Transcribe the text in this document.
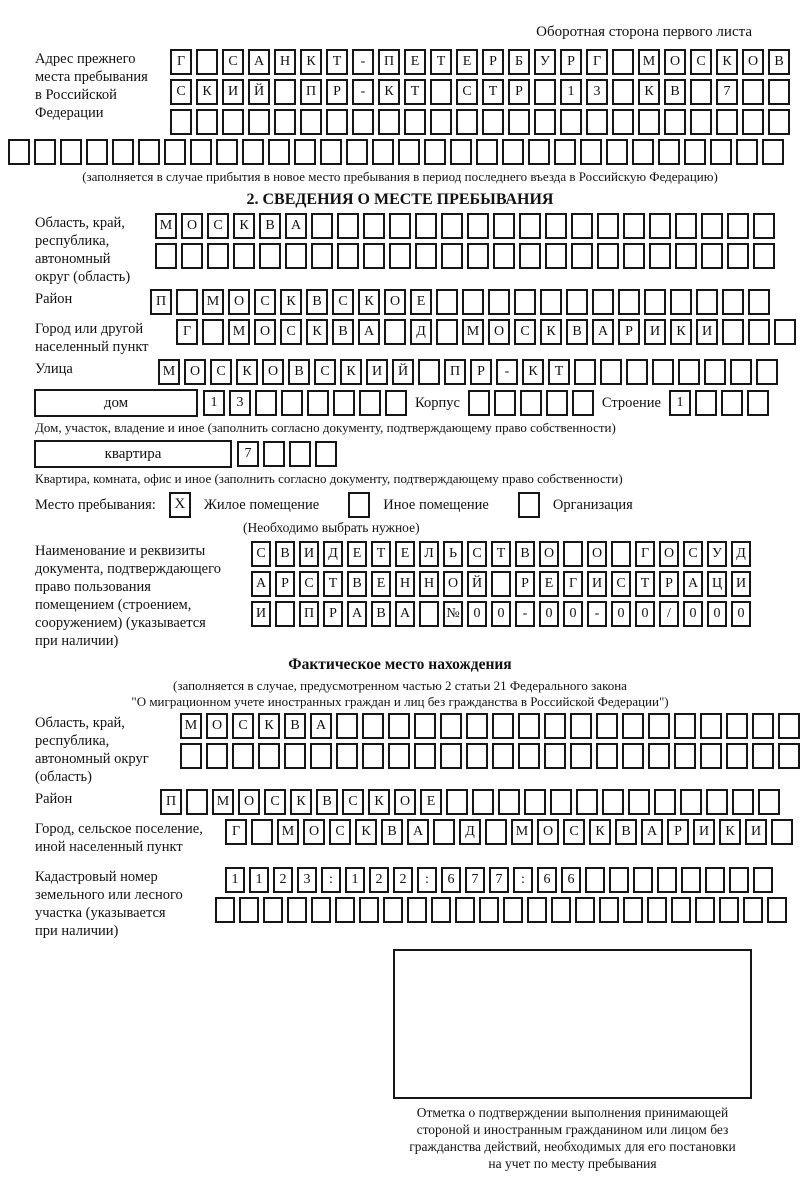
Оборотная сторона первого листа
Адрес прежнего
места пребывания
в Российской
Федерации
Г	С	А	Н	К	Т	-	П	Е	Т	Е	Р	Б	У	Р	Г	М	О	С	К	О	В
С	К	И	Й	П	Р	-	К	Т	С	Т	Р	1	3	К	В	7
(заполняется в случае прибытия в новое место пребывания в период последнего въезда в Российскую Федерацию)
2. СВЕДЕНИЯ О МЕСТЕ ПРЕБЫВАНИЯ
Область, край,
республика,
автономный
округ (область)
М	О	С	К	В	А
Район	П	М	О	С	К	В	С	К	О	Е
Город или другой
населенный пункт
Г	М	О	С	К	В	А	Д	М	О	С	К	В	А	Р	И	К	И
Улица	М	О	С	К	О	В	С	К	И	Й	П	Р	-	К	Т
дом	1	3	Корпус	Строение	1
Дом, участок, владение и иное (заполнить согласно документу, подтверждающему право собственности)
квартира	7
Квартира, комната, офис и иное (заполнить согласно документу, подтверждающему право собственности)
Место пребывания:	X	Жилое помещение	Иное помещение	Организация
(Необходимо выбрать нужное)
Наименование и реквизиты
документа, подтверждающего
право пользования
помещением (строением,
сооружением) (указывается
при наличии)
С	В	И	Д	Е	Т	Е	Л	Ь	С	Т	В	О	О	Г	О	С	У	Д
А	Р	С	Т	В	Е	Н Н О Й	Р	Е	Г	И	С	Т	Р	А Ц И
И	П	Р	А	В	А	№ 0	0	-	0	0	-	0	0	/	0	0	0
Фактическое место нахождения
(заполняется в случае, предусмотренном частью 2 статьи 21 Федерального закона
"О миграционном учете иностранных граждан и лиц без гражданства в Российской Федерации")
Область, край,
республика,
автономный округ
(область)
М	О	С	К	В	А
Район	П	М	О	С	К	В	С	К	О	Е
Город, сельское поселение,
иной населенный пункт
Г	М	О	С	К	В	А	Д	М	О	С	К	В	А	Р	И	К	И
Кадастровый номер
земельного или лесного
участка (указывается
при наличии)
1	1	2	3	:	1	2	2	:	6	7	7	:	6	6
Отметка о подтверждении выполнения принимающей
стороной и иностранным гражданином или лицом без
гражданства действий, необходимых для его постановки
на учет по месту пребывания
